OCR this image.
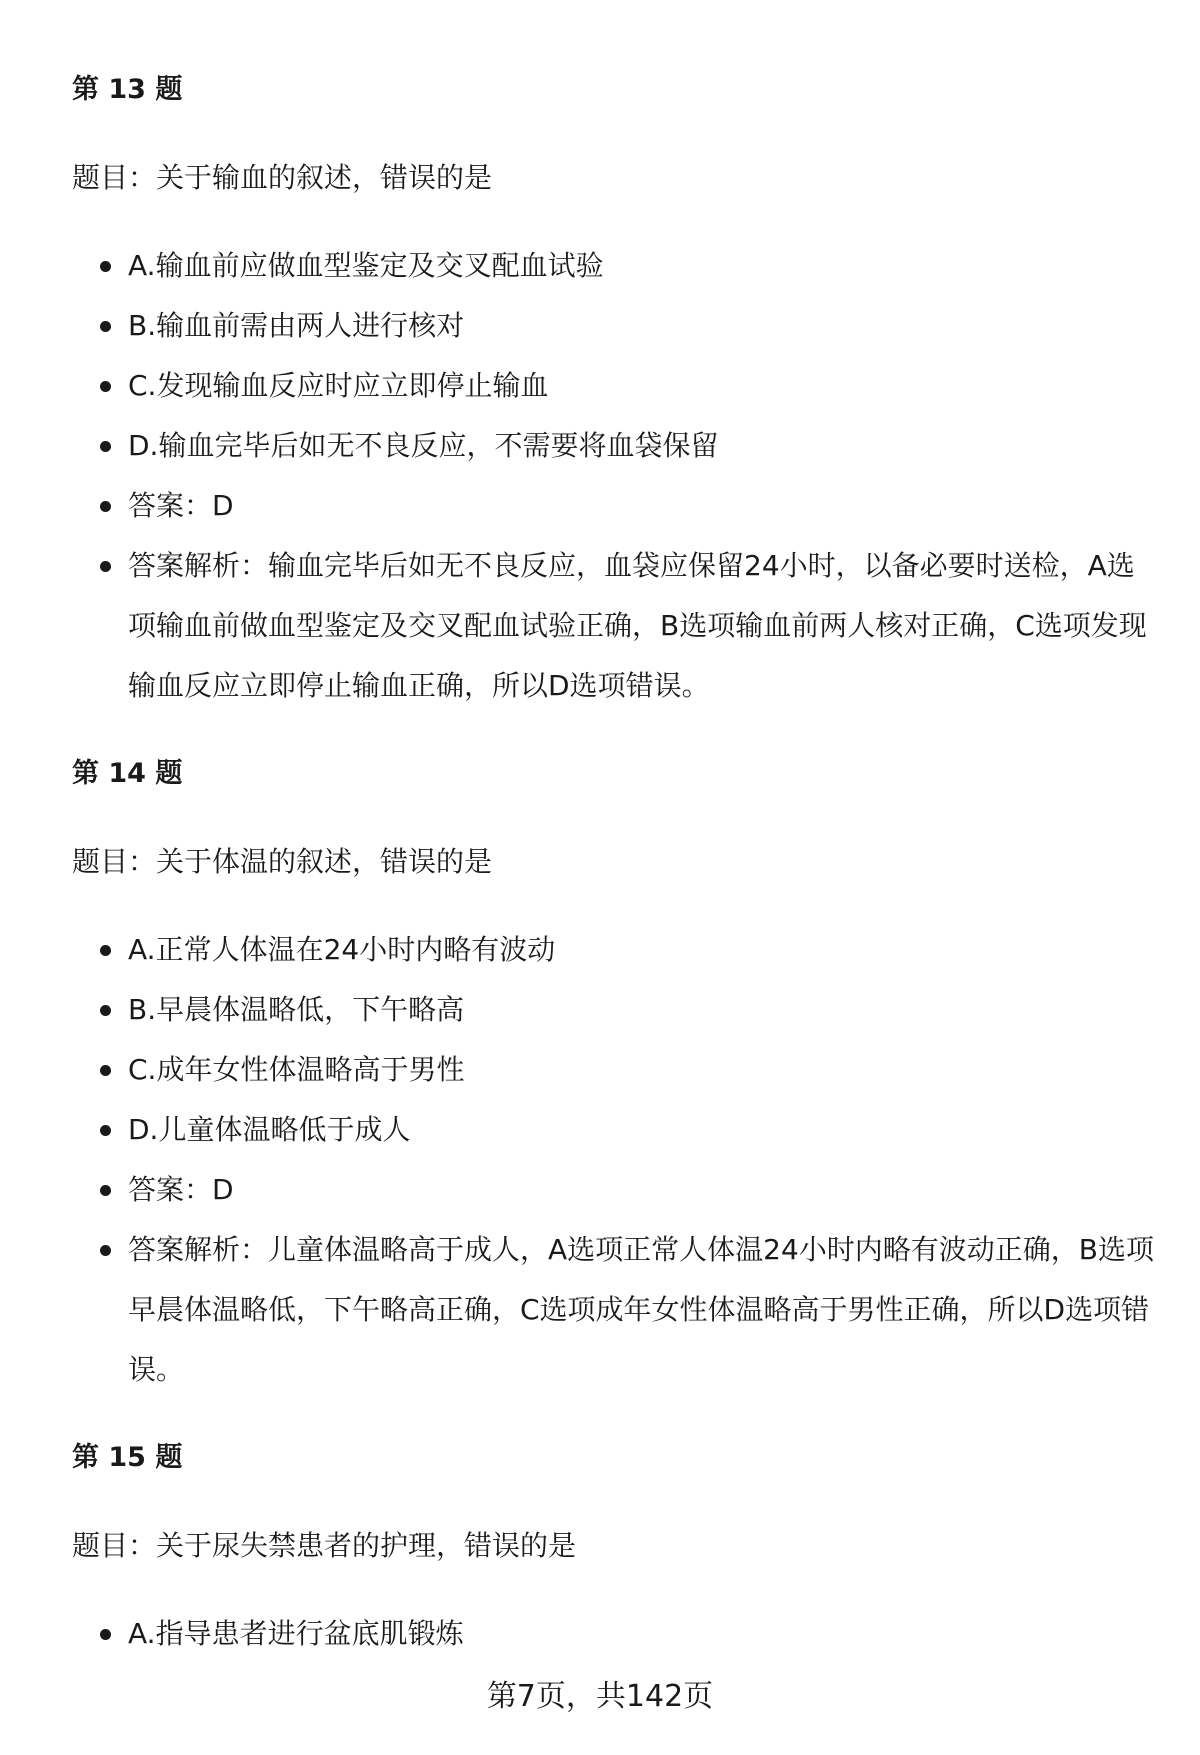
第 13 题

题目：关于输血的叙述，错误的是

A.输血前应做血型鉴定及交叉配血试验
B.输血前需由两人进行核对
C.发现输血反应时应立即停止输血
D.输血完毕后如无不良反应，不需要将血袋保留
答案：D
答案解析：输血完毕后如无不良反应，血袋应保留24小时，以备必要时送检，A选项输血前做血型鉴定及交叉配血试验正确，B选项输血前两人核对正确，C选项发现输血反应立即停止输血正确，所以D选项错误。
第 14 题

题目：关于体温的叙述，错误的是

A.正常人体温在24小时内略有波动
B.早晨体温略低，下午略高
C.成年女性体温略高于男性
D.儿童体温略低于成人
答案：D
答案解析：儿童体温略高于成人，A选项正常人体温24小时内略有波动正确，B选项早晨体温略低，下午略高正确，C选项成年女性体温略高于男性正确，所以D选项错误。
第 15 题

题目：关于尿失禁患者的护理，错误的是

A.指导患者进行盆底肌锻炼
第7页，共142页
